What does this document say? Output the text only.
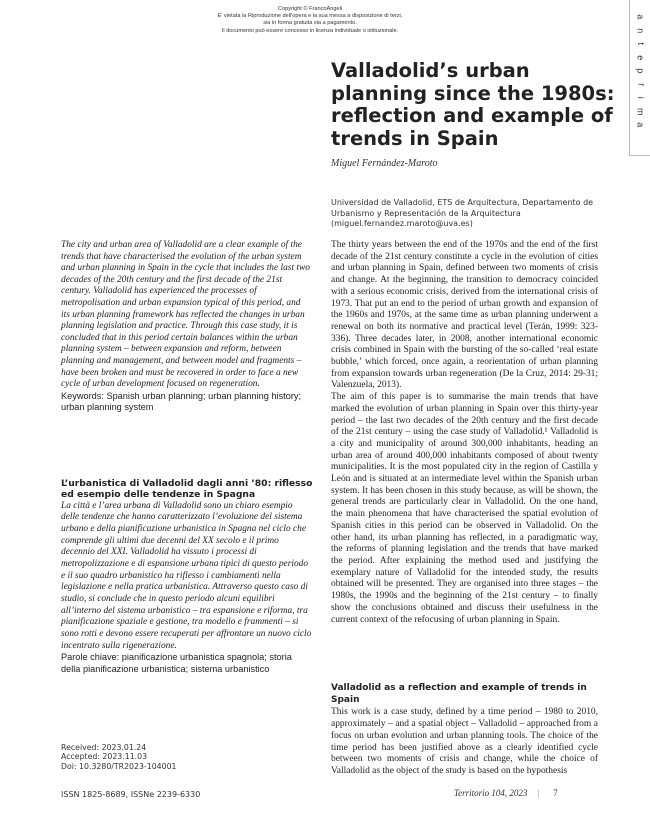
Copyright © FrancoAngeli
E' vietata la Riproduzione dell'opera e la sua messa a disposizione di terzi,
sia in forma gratuita sia a pagamento.
Il documento può essere concesso in licenza individuale o istituzionale.
a
n
t
e
p
r
i
m
a
Valladolid’s urban planning since the 1980s: reflection and example of trends in Spain
Miguel Fernández-Maroto
Universidad de Valladolid, ETS de Arquitectura, Departamento de Urbanismo y Representación de la Arquitectura (miguel.fernandez.maroto@uva.es)

The city and urban area of Valladolid are a clear example of the trends that have characterised the evolution of the urban system and urban planning in Spain in the cycle that includes the last two decades of the 20th century and the first decade of the 21st century. Valladolid has experienced the processes of metropolisation and urban expansion typical of this period, and its urban planning framework has reflected the changes in urban planning legislation and practice. Through this case study, it is concluded that in this period certain balances within the urban planning system – between expansion and reform, between planning and management, and between model and fragments – have been broken and must be recovered in order to face a new cycle of urban development focused on regeneration.

Keywords: Spanish urban planning; urban planning history; urban planning system

L’urbanistica di Valladolid dagli anni ’80: riflesso ed esempio delle tendenze in Spagna

La città e l’area urbana di Valladolid sono un chiaro esempio delle tendenze che hanno caratterizzato l’evoluzione del sistema urbano e della pianificazione urbanistica in Spagna nel ciclo che comprende gli ultimi due decenni del XX secolo e il primo decennio del XXI. Valladolid ha vissuto i processi di metropolizzazione e di espansione urbana tipici di questo periodo e il suo quadro urbanistico ha riflesso i cambiamenti nella legislazione e nella pratica urbanistica. Attraverso questo caso di studio, si conclude che in questo periodo alcuni equilibri all’interno del sistema urbanistico – tra espansione e riforma, tra pianificazione spaziale e gestione, tra modello e frammenti – si sono rotti e devono essere recuperati per affrontare un nuovo ciclo incentrato sulla rigenerazione.

Parole chiave: pianificazione urbanistica spagnola; storia della pianificazione urbanistica; sistema urbanistico

Received: 2023.01.24
Accepted: 2023.11.03
Doi: 10.3280/TR2023-104001

The thirty years between the end of the 1970s and the end of the first decade of the 21st century constitute a cycle in the evolution of cities and urban planning in Spain, defined between two moments of crisis and change. At the beginning, the transition to democracy coincided with a serious economic crisis, derived from the international crisis of 1973. That put an end to the period of urban growth and expansion of the 1960s and 1970s, at the same time as urban planning underwent a renewal on both its normative and practical level (Terán, 1999: 323-336). Three decades later, in 2008, another international economic crisis combined in Spain with the bursting of the so-called ‘real estate bubble,’ which forced, once again, a reorientation of urban planning from expansion towards urban regeneration (De la Cruz, 2014: 29-31; Valenzuela, 2013).

The aim of this paper is to summarise the main trends that have marked the evolution of urban planning in Spain over this thirty-year period – the last two decades of the 20th century and the first decade of the 21st century – using the case study of Valladolid.¹ Valladolid is a city and municipality of around 300,000 inhabitants, heading an urban area of around 400,000 inhabitants composed of about twenty municipalities. It is the most populated city in the region of Castilla y León and is situated at an intermediate level within the Spanish urban system. It has been chosen in this study because, as will be shown, the general trends are particularly clear in Valladolid. On the one hand, the main phenomena that have characterised the spatial evolution of Spanish cities in this period can be observed in Valladolid. On the other hand, its urban planning has reflected, in a paradigmatic way, the reforms of planning legislation and the trends that have marked the period. After explaining the method used and justifying the exemplary nature of Valladolid for the intended study, the results obtained will be presented. They are organised into three stages – the 1980s, the 1990s and the beginning of the 21st century – to finally show the conclusions obtained and discuss their usefulness in the current context of the refocusing of urban planning in Spain.

Valladolid as a reflection and example of trends in Spain

This work is a case study, defined by a time period – 1980 to 2010, approximately – and a spatial object – Valladolid – approached from a focus on urban evolution and urban planning tools. The choice of the time period has been justified above as a clearly identified cycle between two moments of crisis and change, while the choice of Valladolid as the object of the study is based on the hypothesis

ISSN 1825-8689, ISSNe 2239-6330	Territorio 104, 2023 | 7
